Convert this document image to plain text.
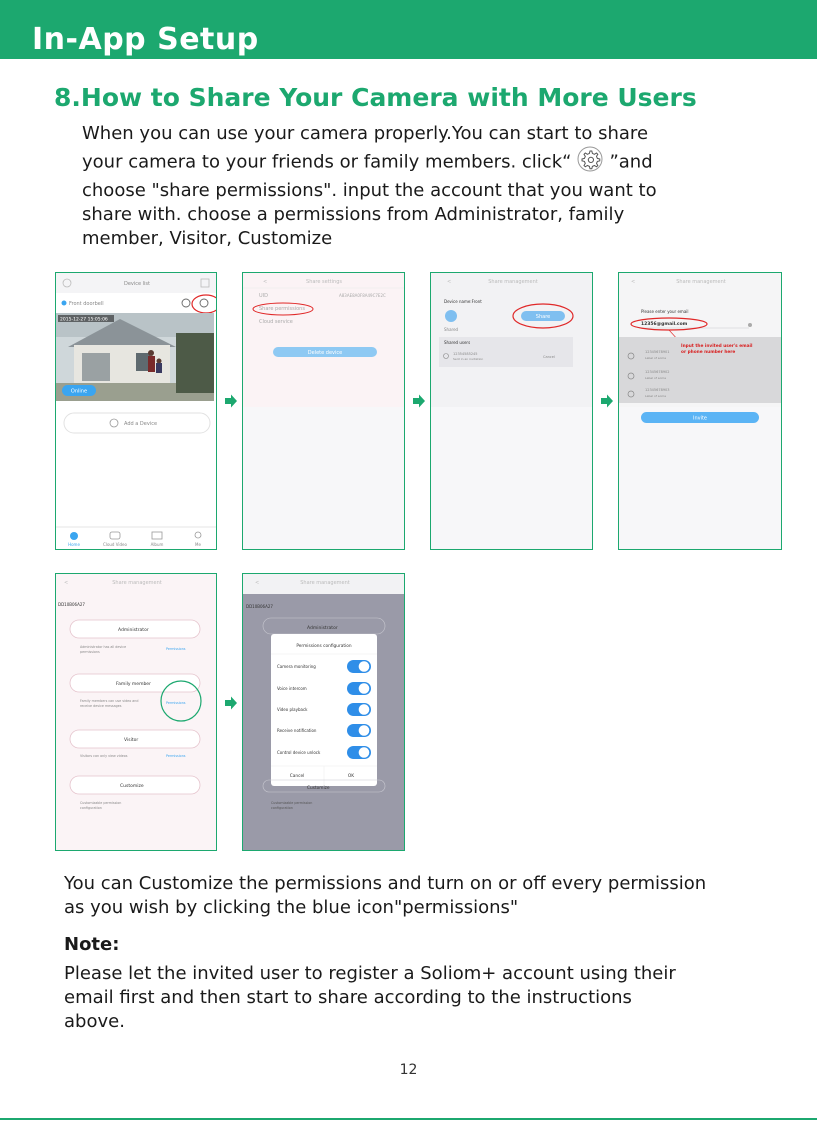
In-App Setup
8.How to Share Your Camera with More Users

When you can use your camera properly.You can start to share

your camera to your friends or family members. click“ ”and

choose "share permissions". input the account that you want to

share with. choose a permissions from Administrator, family

member, Visitor, Customize

Device list
Front doorbell
2015-12-27 15:05:06
Online
Add a Device
Home	Cloud Video	Album	Me
<	Share settings
UID	A83AE8A0F8A49C7E2C
Share permissions
Cloud service
Delete device
<	Share management
Device name:Front
Shared
Share
Shared users
12354585245
Sent in an invitation	Cancel
<	Share management
Please enter your email
12356@gmail.com
Input the invited user's email
or phone number here
12345678901
Label of some
12345678902
Label of some
12345678903
Label of some
Invite
<	Share management
DD10B06A27
Administrator
Administrator has all device
permissions
Permissions
Family member
Family members can use video and
receive device messages
Permissions
Visitor
Visitors can only view videos	Permissions
Customize
Customizable permission
configuration
<	Share management
DD10B06A27
Administrator
Permissions configuration
Camera monitoring
Voice intercom
Video playback
Receive notification
Control device unlock
Cancel	OK
Customize
Customizable permission
configuration

You can Customize the permissions and turn on or off every permission

as you wish by clicking the blue icon"permissions"

Note:

Please let the invited user to register a Soliom+ account using their

email first and then start to share according to the instructions

above.

12
